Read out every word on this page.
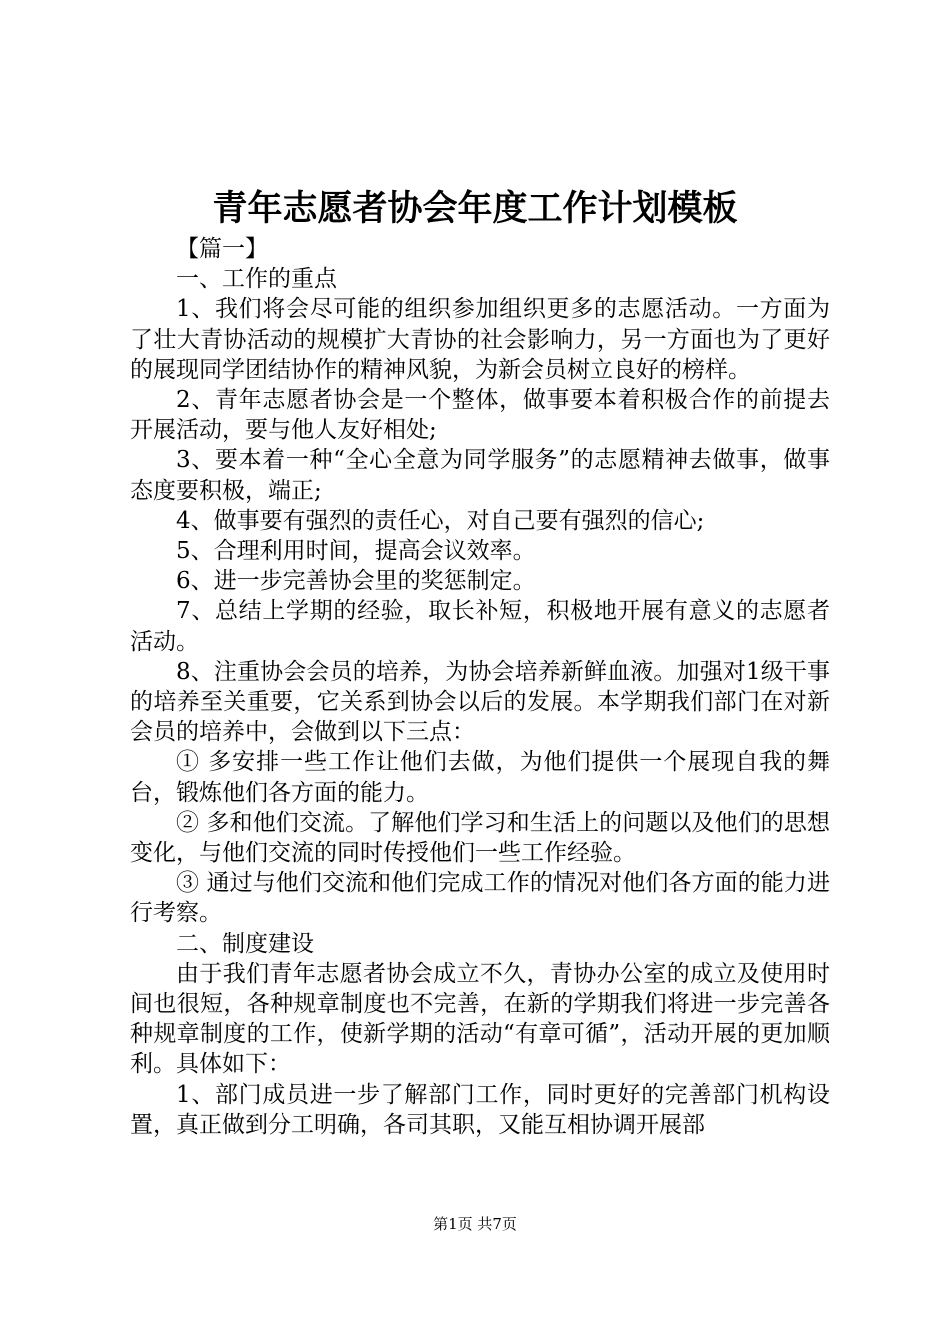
青年志愿者协会年度工作计划模板

【篇一】

一、工作的重点

1、我们将会尽可能的组织参加组织更多的志愿活动。一方面为了壮大青协活动的规模扩大青协的社会影响力，另一方面也为了更好的展现同学团结协作的精神风貌，为新会员树立良好的榜样。

2、青年志愿者协会是一个整体，做事要本着积极合作的前提去开展活动，要与他人友好相处;

3、要本着一种“全心全意为同学服务”的志愿精神去做事，做事态度要积极，端正;

4、做事要有强烈的责任心，对自己要有强烈的信心;

5、合理利用时间，提高会议效率。

6、进一步完善协会里的奖惩制定。

7、总结上学期的经验，取长补短，积极地开展有意义的志愿者活动。

8、注重协会会员的培养，为协会培养新鲜血液。加强对1级干事的培养至关重要，它关系到协会以后的发展。本学期我们部门在对新会员的培养中，会做到以下三点：

① 多安排一些工作让他们去做，为他们提供一个展现自我的舞台，锻炼他们各方面的能力。

② 多和他们交流。了解他们学习和生活上的问题以及他们的思想变化，与他们交流的同时传授他们一些工作经验。

③ 通过与他们交流和他们完成工作的情况对他们各方面的能力进行考察。

二、制度建设

由于我们青年志愿者协会成立不久，青协办公室的成立及使用时间也很短，各种规章制度也不完善，在新的学期我们将进一步完善各种规章制度的工作，使新学期的活动“有章可循”，活动开展的更加顺利。具体如下：

1、部门成员进一步了解部门工作，同时更好的完善部门机构设置，真正做到分工明确，各司其职，又能互相协调开展部

第1页 共7页
